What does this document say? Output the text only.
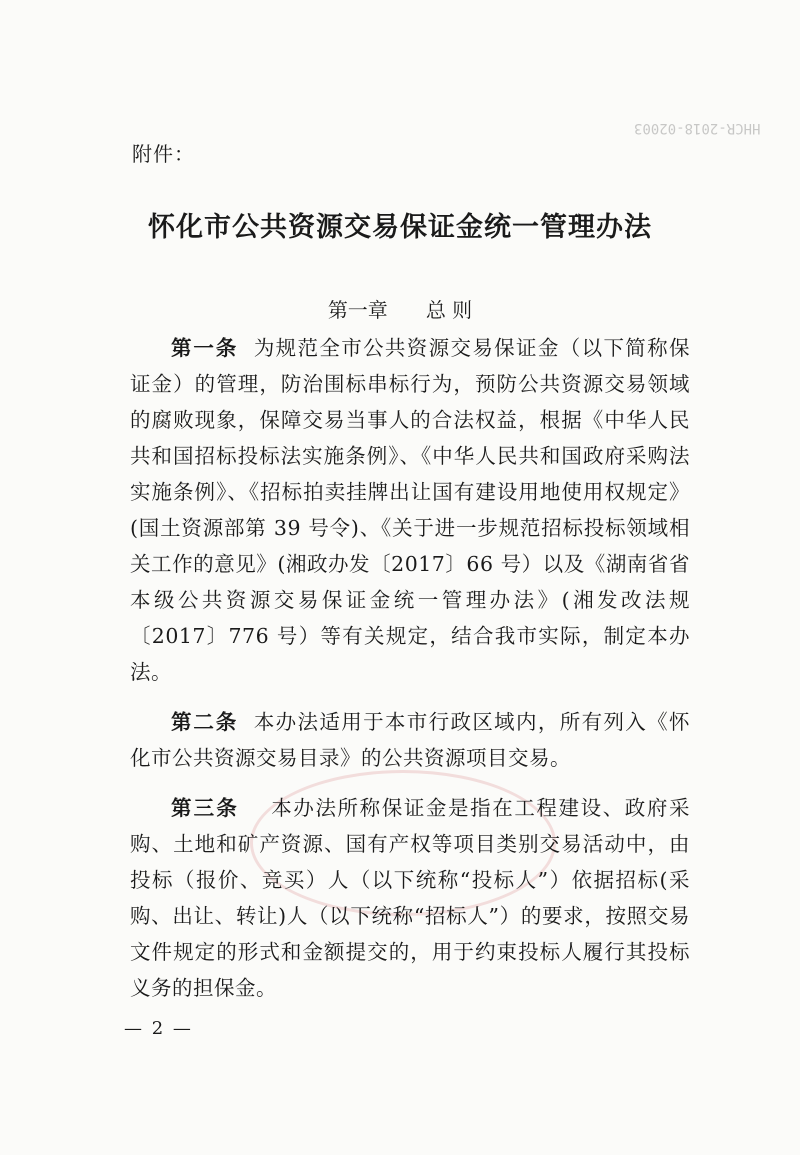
HHCR-2018-02003
附件：
怀化市公共资源交易保证金统一管理办法
第一章 总 则

第一条 为规范全市公共资源交易保证金（以下简称保证金）的管理，防治围标串标行为，预防公共资源交易领域的腐败现象，保障交易当事人的合法权益，根据《中华人民共和国招标投标法实施条例》、《中华人民共和国政府采购法实施条例》、《招标拍卖挂牌出让国有建设用地使用权规定》(国土资源部第 39 号令)、《关于进一步规范招标投标领域相关工作的意见》(湘政办发〔2017〕66 号）以及《湖南省省本级公共资源交易保证金统一管理办法》(湘发改法规〔2017〕776 号）等有关规定，结合我市实际，制定本办法。

第二条 本办法适用于本市行政区域内，所有列入《怀化市公共资源交易目录》的公共资源项目交易。

第三条 本办法所称保证金是指在工程建设、政府采购、土地和矿产资源、国有产权等项目类别交易活动中，由投标（报价、竞买）人（以下统称“投标人”）依据招标(采购、出让、转让)人（以下统称“招标人”）的要求，按照交易文件规定的形式和金额提交的，用于约束投标人履行其投标义务的担保金。

— 2 —
